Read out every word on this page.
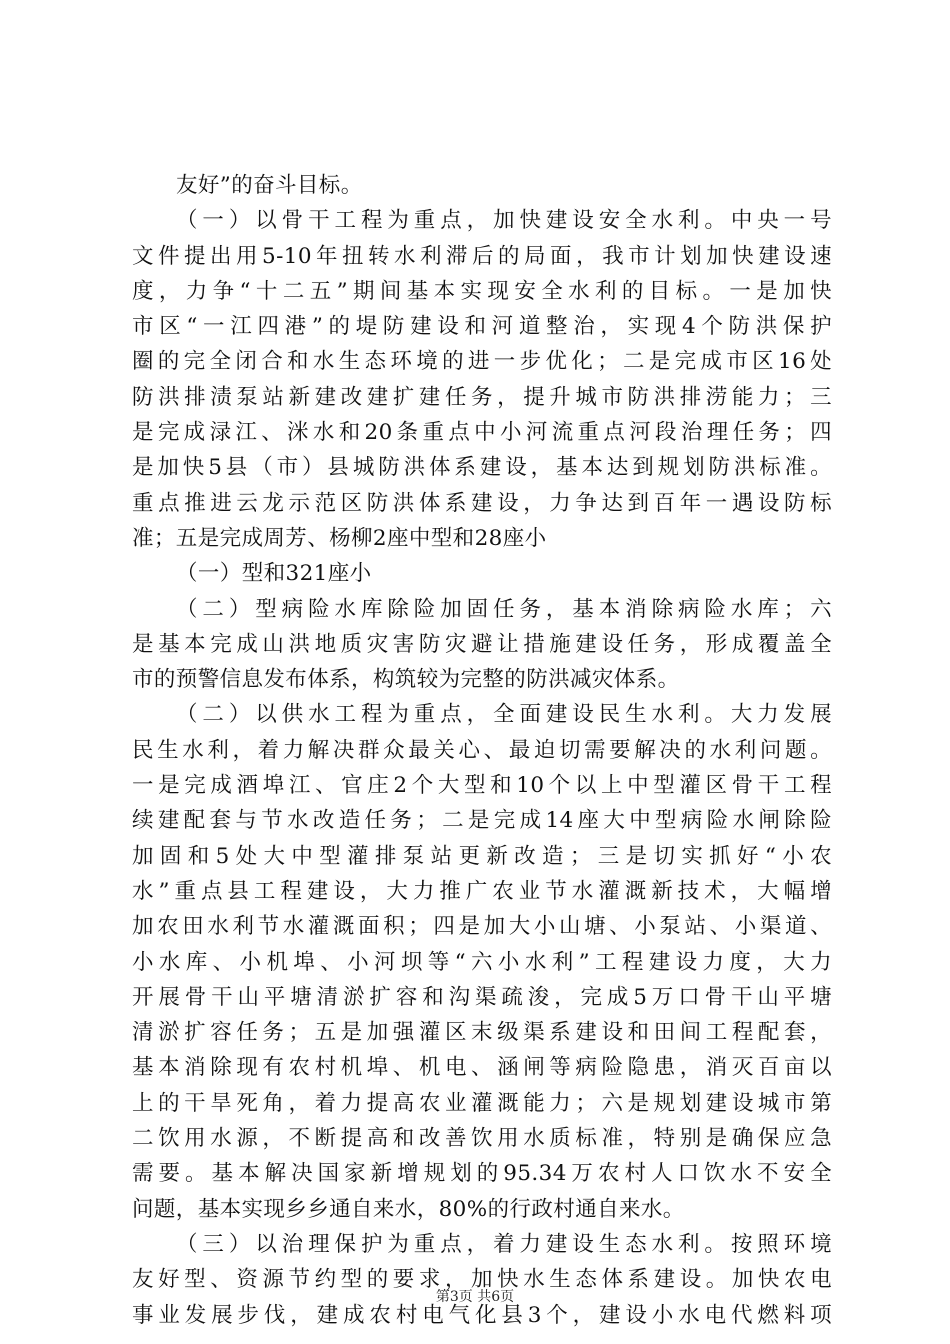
友好”的奋斗目标。
（一）以骨干工程为重点，加快建设安全水利。中央一号
文件提出用5-10年扭转水利滞后的局面，我市计划加快建设速
度，力争“十二五”期间基本实现安全水利的目标。一是加快
市区“一江四港”的堤防建设和河道整治，实现4个防洪保护
圈的完全闭合和水生态环境的进一步优化；二是完成市区16处
防洪排渍泵站新建改建扩建任务，提升城市防洪排涝能力；三
是完成渌江、洣水和20条重点中小河流重点河段治理任务；四
是加快5县（市）县城防洪体系建设，基本达到规划防洪标准。
重点推进云龙示范区防洪体系建设，力争达到百年一遇设防标
准；五是完成周芳、杨柳2座中型和28座小
（一）型和321座小
（二）型病险水库除险加固任务，基本消除病险水库；六
是基本完成山洪地质灾害防灾避让措施建设任务，形成覆盖全
市的预警信息发布体系，构筑较为完整的防洪减灾体系。
（二）以供水工程为重点，全面建设民生水利。大力发展
民生水利，着力解决群众最关心、最迫切需要解决的水利问题。
一是完成酒埠江、官庄2个大型和10个以上中型灌区骨干工程
续建配套与节水改造任务；二是完成14座大中型病险水闸除险
加固和5处大中型灌排泵站更新改造；三是切实抓好“小农
水”重点县工程建设，大力推广农业节水灌溉新技术，大幅增
加农田水利节水灌溉面积；四是加大小山塘、小泵站、小渠道、
小水库、小机埠、小河坝等“六小水利”工程建设力度，大力
开展骨干山平塘清淤扩容和沟渠疏浚，完成5万口骨干山平塘
清淤扩容任务；五是加强灌区末级渠系建设和田间工程配套，
基本消除现有农村机埠、机电、涵闸等病险隐患，消灭百亩以
上的干旱死角，着力提高农业灌溉能力；六是规划建设城市第
二饮用水源，不断提高和改善饮用水质标准，特别是确保应急
需要。基本解决国家新增规划的95.34万农村人口饮水不安全
问题，基本实现乡乡通自来水，80%的行政村通自来水。
（三）以治理保护为重点，着力建设生态水利。按照环境
友好型、资源节约型的要求，加快水生态体系建设。加快农电
事业发展步伐，建成农村电气化县3个，建设小水电代燃料项
第3页 共6页
